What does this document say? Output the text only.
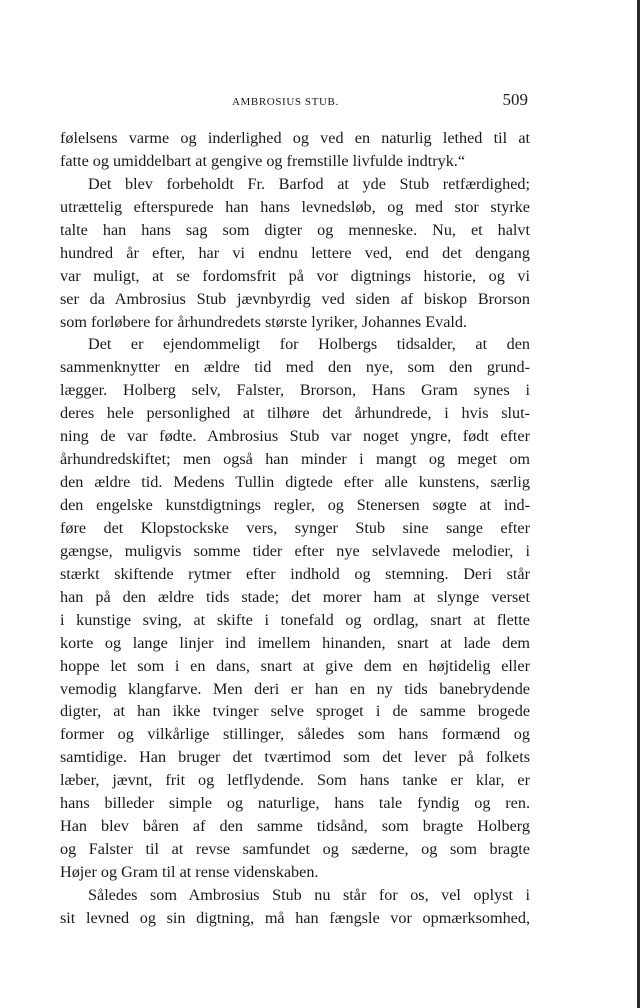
AMBROSIUS STUB.	509
følelsens varme og inderlighed og ved en naturlig lethed til at
fatte og umiddelbart at gengive og fremstille livfulde indtryk.“
Det blev forbeholdt Fr. Barfod at yde Stub retfærdighed;
utrættelig efterspurede han hans levnedsløb, og med stor styrke
talte han hans sag som digter og menneske. Nu, et halvt
hundred år efter, har vi endnu lettere ved, end det dengang
var muligt, at se fordomsfrit på vor digtnings historie, og vi
ser da Ambrosius Stub jævnbyrdig ved siden af biskop Brorson
som forløbere for århundredets største lyriker, Johannes Evald.
Det er ejendommeligt for Holbergs tidsalder, at den
sammenknytter en ældre tid med den nye, som den grund-
lægger. Holberg selv, Falster, Brorson, Hans Gram synes i
deres hele personlighed at tilhøre det århundrede, i hvis slut-
ning de var fødte. Ambrosius Stub var noget yngre, født efter
århundredskiftet; men også han minder i mangt og meget om
den ældre tid. Medens Tullin digtede efter alle kunstens, særlig
den engelske kunstdigtnings regler, og Stenersen søgte at ind-
føre det Klopstockske vers, synger Stub sine sange efter
gængse, muligvis somme tider efter nye selvlavede melodier, i
stærkt skiftende rytmer efter indhold og stemning. Deri står
han på den ældre tids stade; det morer ham at slynge verset
i kunstige sving, at skifte i tonefald og ordlag, snart at flette
korte og lange linjer ind imellem hinanden, snart at lade dem
hoppe let som i en dans, snart at give dem en højtidelig eller
vemodig klangfarve. Men deri er han en ny tids banebrydende
digter, at han ikke tvinger selve sproget i de samme brogede
former og vilkårlige stillinger, således som hans formænd og
samtidige. Han bruger det tværtimod som det lever på folkets
læber, jævnt, frit og letflydende. Som hans tanke er klar, er
hans billeder simple og naturlige, hans tale fyndig og ren.
Han blev båren af den samme tidsånd, som bragte Holberg
og Falster til at revse samfundet og sæderne, og som bragte
Højer og Gram til at rense videnskaben.
Således som Ambrosius Stub nu står for os, vel oplyst i
sit levned og sin digtning, må han fængsle vor opmærksomhed,
